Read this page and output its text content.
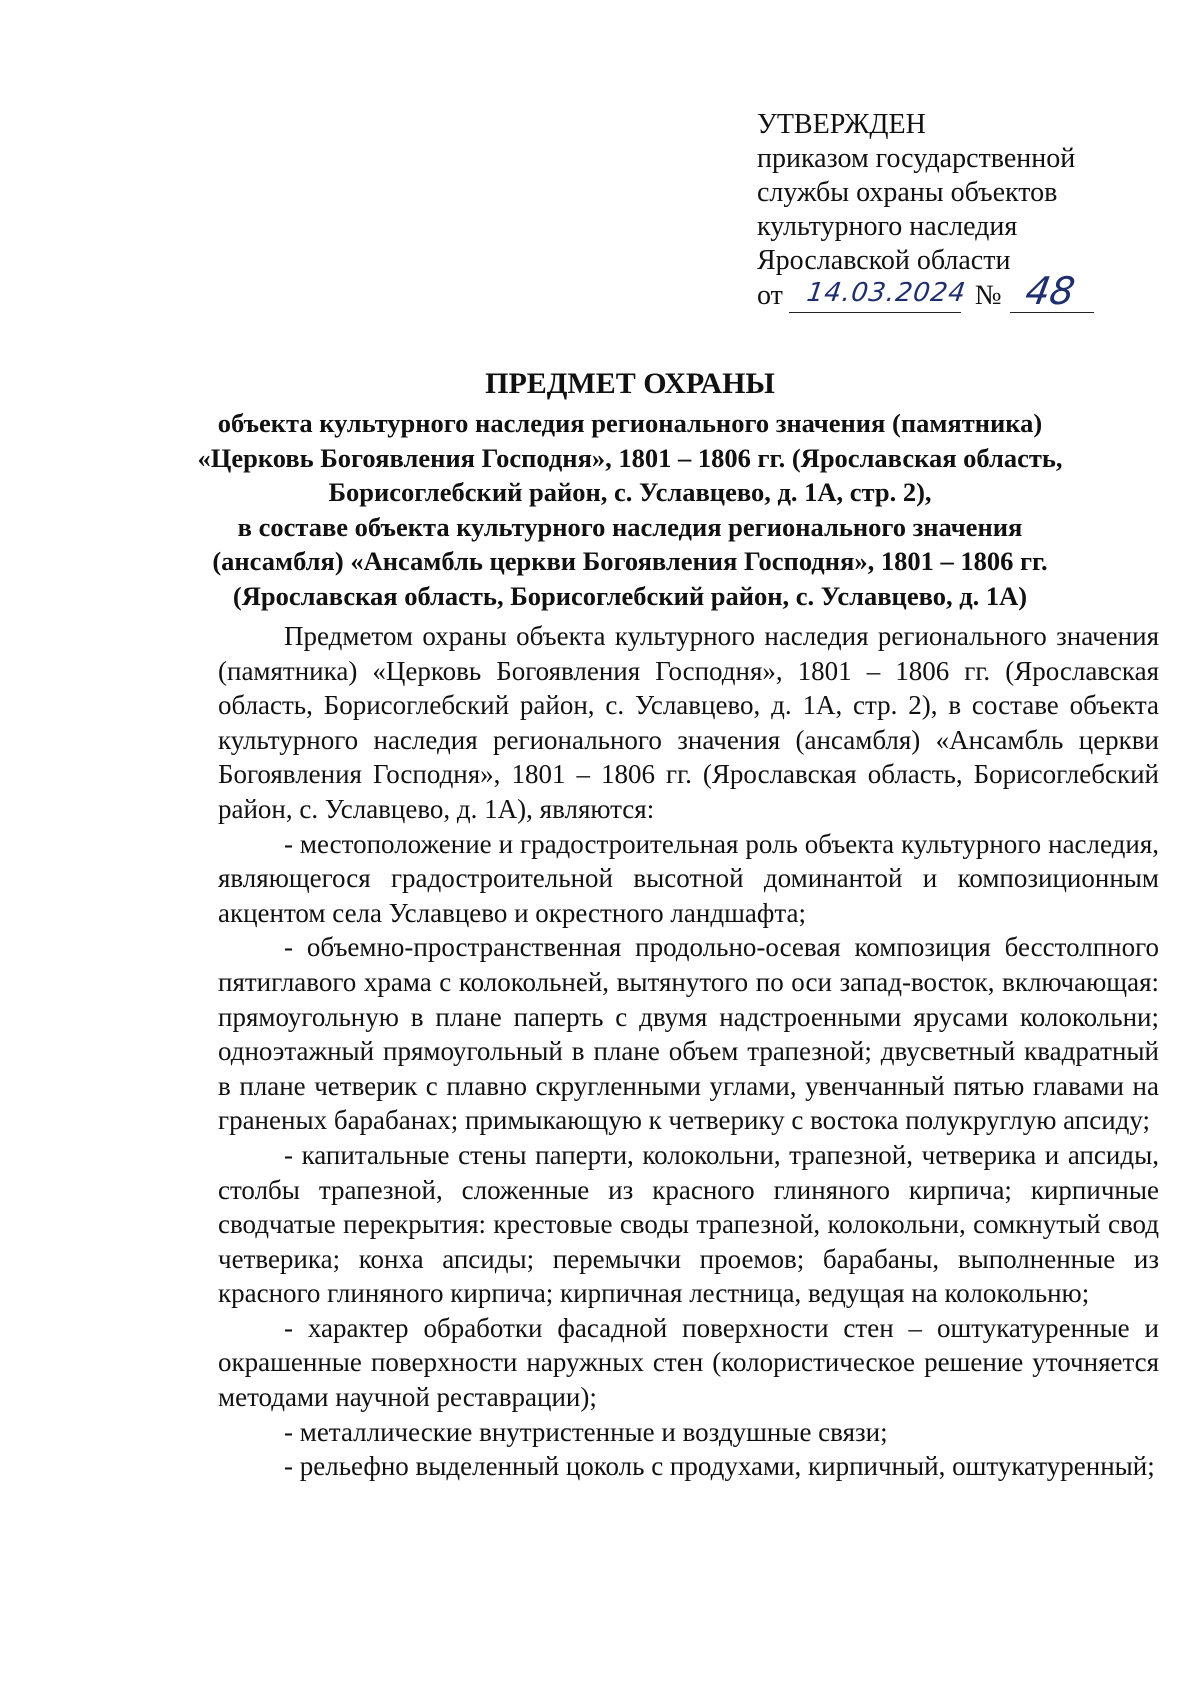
УТВЕРЖДЕН
приказом государственной
службы охраны объектов
культурного наследия
Ярославской области
от 14.03.2024 № 48
ПРЕДМЕТ ОХРАНЫ
объекта культурного наследия регионального значения (памятника)
«Церковь Богоявления Господня», 1801 – 1806 гг. (Ярославская область,
Борисоглебский район, с. Уславцево, д. 1А, стр. 2),
в составе объекта культурного наследия регионального значения
(ансамбля) «Ансамбль церкви Богоявления Господня», 1801 – 1806 гг.
(Ярославская область, Борисоглебский район, с. Уславцево, д. 1А)

Предметом охраны объекта культурного наследия регионального значения (памятника) «Церковь Богоявления Господня», 1801 – 1806 гг. (Ярославская область, Борисоглебский район, с. Уславцево, д. 1А, стр. 2), в составе объекта культурного наследия регионального значения (ансамбля) «Ансамбль церкви Богоявления Господня», 1801 – 1806 гг. (Ярославская область, Борисоглебский район, с. Уславцево, д. 1А), являются:

- местоположение и градостроительная роль объекта культурного наследия, являющегося градостроительной высотной доминантой и композиционным акцентом села Уславцево и окрестного ландшафта;

- объемно-пространственная продольно-осевая композиция бесстолпного пятиглавого храма с колокольней, вытянутого по оси запад-восток, включающая: прямоугольную в плане паперть с двумя надстроенными ярусами колокольни; одноэтажный прямоугольный в плане объем трапезной; двусветный квадратный в плане четверик с плавно скругленными углами, увенчанный пятью главами на граненых барабанах; примыкающую к четверику с востока полукруглую апсиду;

- капитальные стены паперти, колокольни, трапезной, четверика и апсиды, столбы трапезной, сложенные из красного глиняного кирпича; кирпичные сводчатые перекрытия: крестовые своды трапезной, колокольни, сомкнутый свод четверика; конха апсиды; перемычки проемов; барабаны, выполненные из красного глиняного кирпича; кирпичная лестница, ведущая на колокольню;

- характер обработки фасадной поверхности стен – оштукатуренные и окрашенные поверхности наружных стен (колористическое решение уточняется методами научной реставрации);

- металлические внутристенные и воздушные связи;

- рельефно выделенный цоколь с продухами, кирпичный, оштукатуренный;
